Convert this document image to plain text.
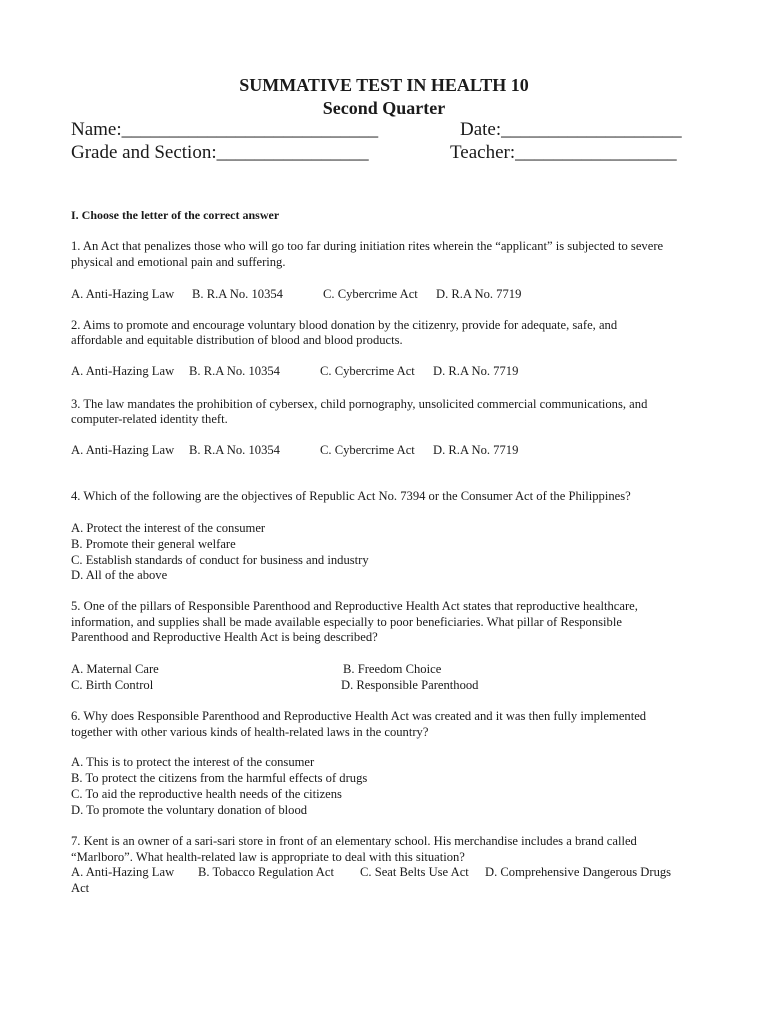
SUMMATIVE TEST IN HEALTH 10
Second Quarter
Name:___________________________	Date:___________________
Grade and Section:________________	Teacher:_________________
I. Choose the letter of the correct answer
1. An Act that penalizes those who will go too far during initiation rites wherein the “applicant” is subjected to severe
physical and emotional pain and suffering.
A. Anti-Hazing Law B. R.A No. 10354	C. Cybercrime Act D. R.A No. 7719
2. Aims to promote and encourage voluntary blood donation by the citizenry, provide for adequate, safe, and
affordable and equitable distribution of blood and blood products.
A. Anti-Hazing Law B. R.A No. 10354	C. Cybercrime Act D. R.A No. 7719
3. The law mandates the prohibition of cybersex, child pornography, unsolicited commercial communications, and
computer-related identity theft.
A. Anti-Hazing Law B. R.A No. 10354	C. Cybercrime Act D. R.A No. 7719
4. Which of the following are the objectives of Republic Act No. 7394 or the Consumer Act of the Philippines?
A. Protect the interest of the consumer
B. Promote their general welfare
C. Establish standards of conduct for business and industry
D. All of the above
5. One of the pillars of Responsible Parenthood and Reproductive Health Act states that reproductive healthcare,
information, and supplies shall be made available especially to poor beneficiaries. What pillar of Responsible
Parenthood and Reproductive Health Act is being described?
A. Maternal Care	B. Freedom Choice
C. Birth Control	D. Responsible Parenthood
6. Why does Responsible Parenthood and Reproductive Health Act was created and it was then fully implemented
together with other various kinds of health-related laws in the country?
A. This is to protect the interest of the consumer
B. To protect the citizens from the harmful effects of drugs
C. To aid the reproductive health needs of the citizens
D. To promote the voluntary donation of blood
7. Kent is an owner of a sari-sari store in front of an elementary school. His merchandise includes a brand called
“Marlboro”. What health-related law is appropriate to deal with this situation?
A. Anti-Hazing Law B. Tobacco Regulation Act C. Seat Belts Use Act D. Comprehensive Dangerous Drugs
Act
